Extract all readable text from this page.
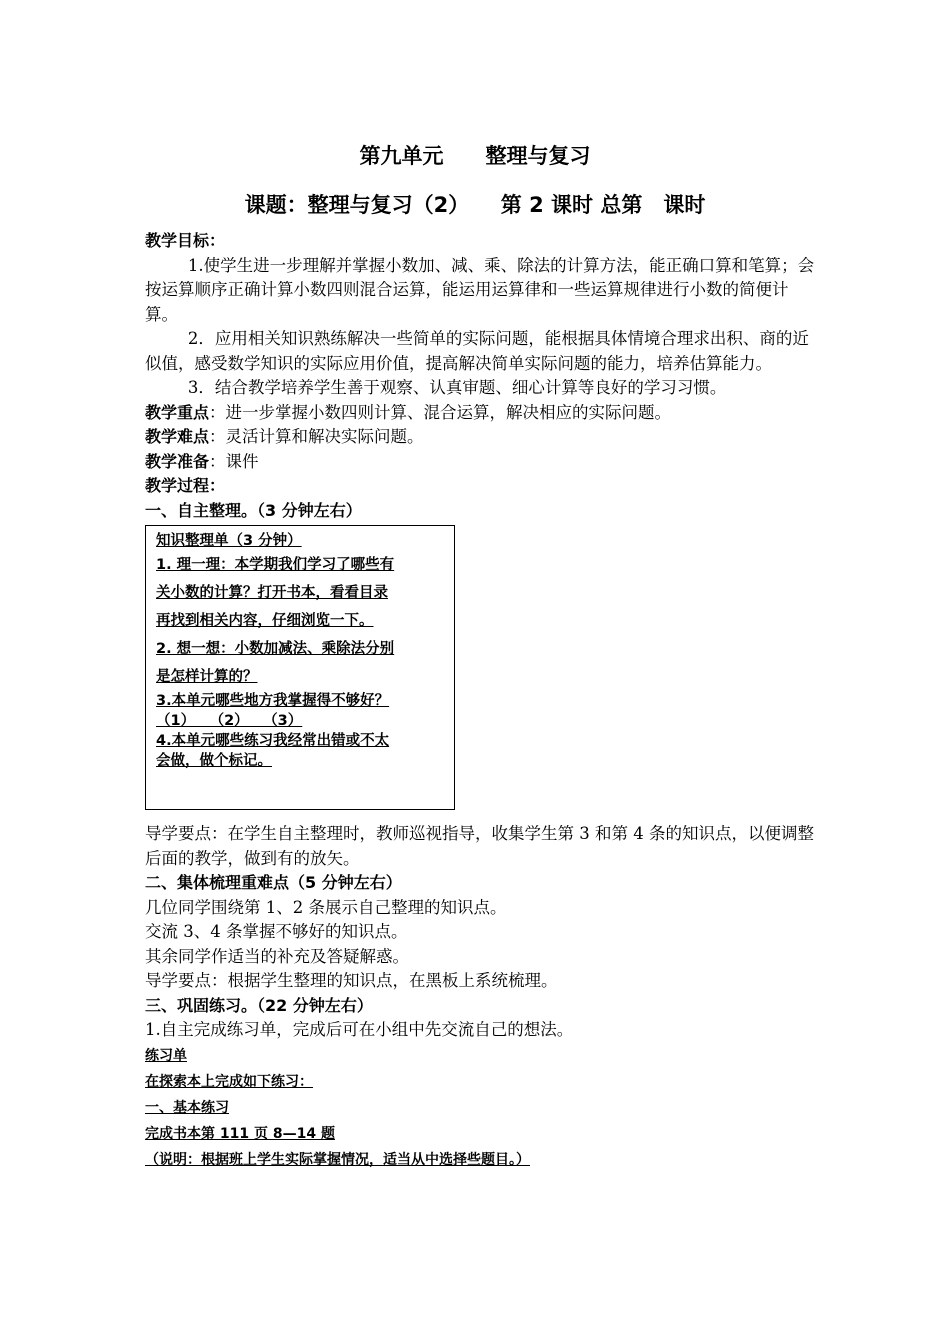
第九单元　　整理与复习
课题：整理与复习（2）　　第 2 课时 总第　课时

教学目标：

1.使学生进一步理解并掌握小数加、减、乘、除法的计算方法，能正确口算和笔算；会按运算顺序正确计算小数四则混合运算，能运用运算律和一些运算规律进行小数的简便计算。

2．应用相关知识熟练解决一些简单的实际问题，能根据具体情境合理求出积、商的近似值，感受数学知识的实际应用价值，提高解决简单实际问题的能力，培养估算能力。

3．结合教学培养学生善于观察、认真审题、细心计算等良好的学习习惯。

教学重点：进一步掌握小数四则计算、混合运算，解决相应的实际问题。

教学难点：灵活计算和解决实际问题。

教学准备：课件

教学过程：

一、自主整理。（3 分钟左右）

知识整理单（3 分钟）

1. 理一理：本学期我们学习了哪些有

关小数的计算？打开书本，看看目录

再找到相关内容，仔细浏览一下。

2. 想一想：小数加减法、乘除法分别

是怎样计算的？

3.本单元哪些地方我掌握得不够好？

（1）　　（2）　　（3）

4.本单元哪些练习我经常出错或不太

会做，做个标记。

导学要点：在学生自主整理时，教师巡视指导，收集学生第 3 和第 4 条的知识点，以便调整后面的教学，做到有的放矢。

二、集体梳理重难点（5 分钟左右）

几位同学围绕第 1、2 条展示自己整理的知识点。

交流 3、4 条掌握不够好的知识点。

其余同学作适当的补充及答疑解惑。

导学要点：根据学生整理的知识点，在黑板上系统梳理。

三、巩固练习。（22 分钟左右）

1.自主完成练习单，完成后可在小组中先交流自己的想法。

练习单

在探索本上完成如下练习：

一、基本练习

完成书本第 111 页 8—14 题

（说明：根据班上学生实际掌握情况，适当从中选择些题目。）
